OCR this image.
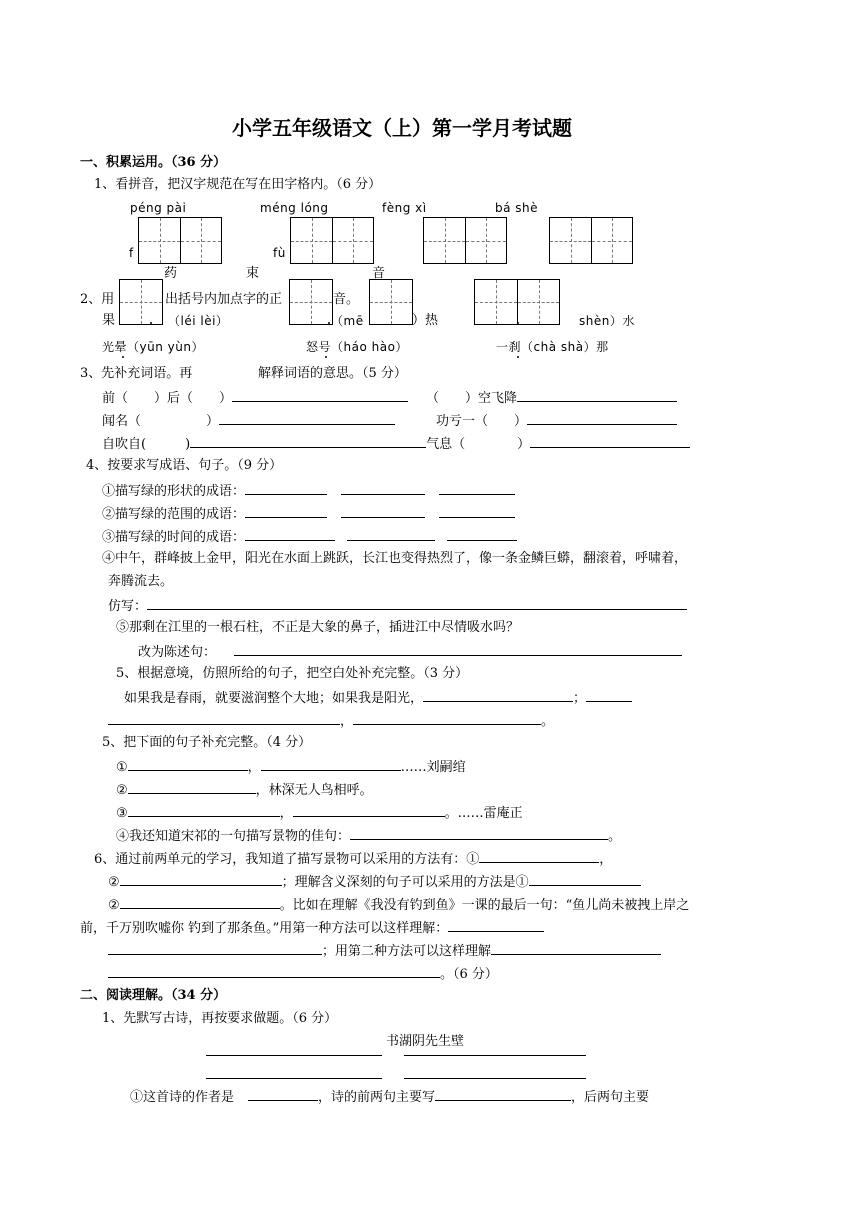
小学五年级语文（上）第一学月考试题
一、积累运用。（36 分）
1、看拼音，把汉字规范在写在田字格内。（6 分）
péng pài	méng lóng	fèng xì	bá shè
f	fù
药	束	音
2、用	出括号内加点字的正	音。
果	（léi lèi）	（mē	）热	shèn）水
光晕（yūn yùn）	怒号（háo hào）	一刹（chà shà）那
3、先补充词语。再	解释词语的意思。（5 分）
前（　　）后（　　）	（　　）空飞降
闻名（　　　　　）	功亏一（　　）
自吹自(　　　)	气息（　　　　）
4、按要求写成语、句子。（9 分）
①描写绿的形状的成语：
②描写绿的范围的成语：
③描写绿的时间的成语：
④中午，群峰披上金甲，阳光在水面上跳跃，长江也变得热烈了，像一条金鳞巨蟒，翻滚着，呼啸着，
奔腾流去。
仿写：
⑤那剩在江里的一根石柱，不正是大象的鼻子，插进江中尽情吸水吗？
改为陈述句：
5、根据意境，仿照所给的句子，把空白处补充完整。（3 分）
如果我是春雨，就要滋润整个大地；如果我是阳光，	；
，	。
5、把下面的句子补充完整。（4 分）
①	，	……刘嗣绾
②	，林深无人鸟相呼。
③	，	。……雷庵正
④我还知道宋祁的一句描写景物的佳句：	。
6、通过前两单元的学习，我知道了描写景物可以采用的方法有：①	，
②	；理解含义深刻的句子可以采用的方法是①
②	。比如在理解《我没有钓到鱼》一课的最后一句：“鱼儿尚未被拽上岸之
前，千万别吹嘘你 钓到了那条鱼。”用第一种方法可以这样理解：
；用第二种方法可以这样理解
。（6 分）
二、阅读理解。（34 分）
1、先默写古诗，再按要求做题。（6 分）
书湖阴先生壁
①这首诗的作者是	，诗的前两句主要写	，后两句主要
